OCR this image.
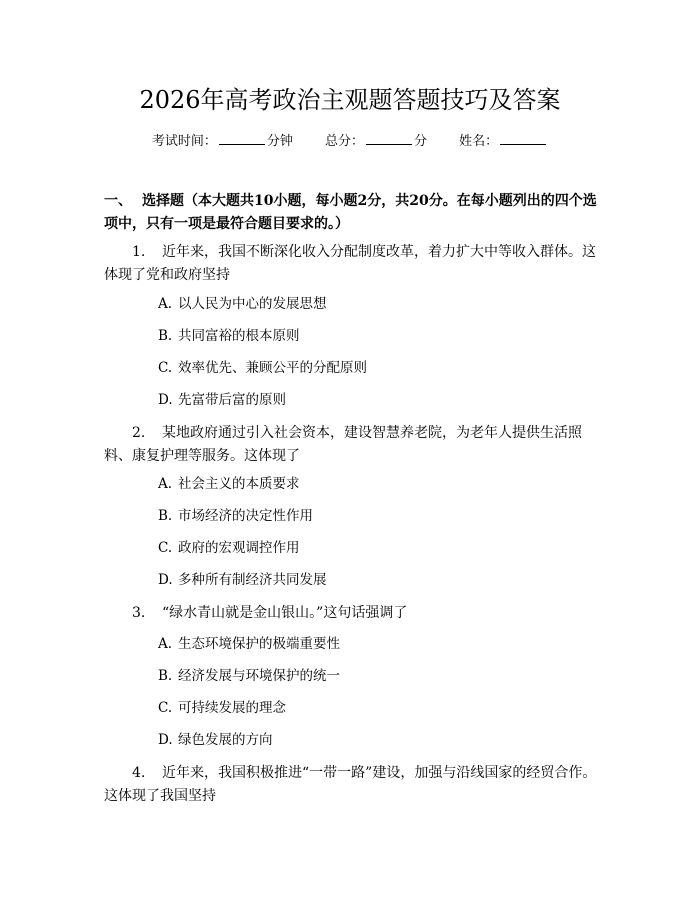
2026年高考政治主观题答题技巧及答案
考试时间：	分钟 总分：	分 姓名：
一、 选择题（本大题共10小题，每小题2分，共20分。在每小题列出的四个选项中，只有一项是最符合题目要求的。）
1. 近年来，我国不断深化收入分配制度改革，着力扩大中等收入群体。这体现了党和政府坚持
A. 以人民为中心的发展思想
B. 共同富裕的根本原则
C. 效率优先、兼顾公平的分配原则
D. 先富带后富的原则
2. 某地政府通过引入社会资本，建设智慧养老院，为老年人提供生活照料、康复护理等服务。这体现了
A. 社会主义的本质要求
B. 市场经济的决定性作用
C. 政府的宏观调控作用
D. 多种所有制经济共同发展
3. “绿水青山就是金山银山。”这句话强调了
A. 生态环境保护的极端重要性
B. 经济发展与环境保护的统一
C. 可持续发展的理念
D. 绿色发展的方向
4. 近年来，我国积极推进“一带一路”建设，加强与沿线国家的经贸合作。这体现了我国坚持
